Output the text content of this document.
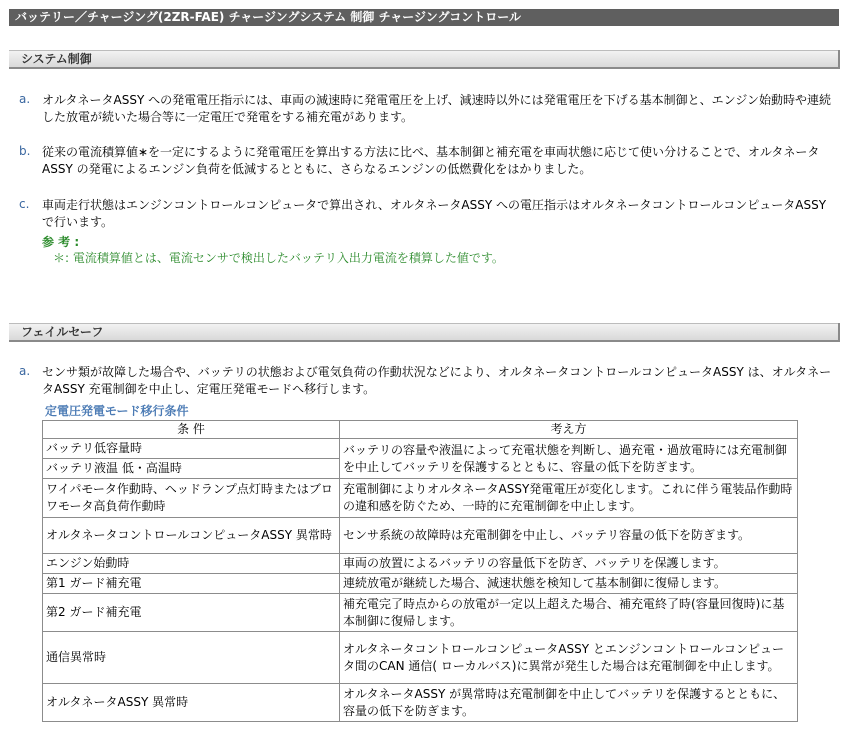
バッテリー／チャージング(2ZR-FAE) チャージングシステム 制御 チャージングコントロール
システム制御
a. オルタネータASSY への発電電圧指示には、車両の減速時に発電電圧を上げ、減速時以外には発電電圧を下げる基本制御と、エンジン始動時や連続した放電が続いた場合等に一定電圧で発電をする補充電があります。
b. 従来の電流積算値∗を一定にするように発電電圧を算出する方法に比べ、基本制御と補充電を車両状態に応じて使い分けることで、オルタネータASSY の発電によるエンジン負荷を低減するとともに、さらなるエンジンの低燃費化をはかりました。
c.	車両走行状態はエンジンコントロールコンピュータで算出され、オルタネータASSY への電圧指示はオルタネータコントロールコンピュータASSY で行います。
参 考 :
＊: 電流積算値とは、電流センサで検出したバッテリ入出力電流を積算した値です。
フェイルセーフ
a. センサ類が故障した場合や、バッテリの状態および電気負荷の作動状況などにより、オルタネータコントロールコンピュータASSY は、オルタネータASSY 充電制御を中止し、定電圧発電モードへ移行します。
定電圧発電モード移行条件
条 件	考え方
バッテリ低容量時	バッテリの容量や液温によって充電状態を判断し、過充電・過放電時には充電制御を中止してバッテリを保護するとともに、容量の低下を防ぎます。
バッテリ液温 低・高温時	
ワイパモータ作動時、ヘッドランプ点灯時またはブロワモータ高負荷作動時	充電制御によりオルタネータASSY発電電圧が変化します。これに伴う電装品作動時の違和感を防ぐため、一時的に充電制御を中止します。
オルタネータコントロールコンピュータASSY 異常時	センサ系統の故障時は充電制御を中止し、バッテリ容量の低下を防ぎます。
エンジン始動時	車両の放置によるバッテリの容量低下を防ぎ、バッテリを保護します。
第1 ガード補充電	連続放電が継続した場合、減速状態を検知して基本制御に復帰します。
第2 ガード補充電	補充電完了時点からの放電が一定以上超えた場合、補充電終了時(容量回復時)に基本制御に復帰します。
通信異常時	オルタネータコントロールコンピュータASSY とエンジンコントロールコンピュータ間のCAN 通信( ローカルバス)に異常が発生した場合は充電制御を中止します。
オルタネータASSY 異常時	オルタネータASSY が異常時は充電制御を中止してバッテリを保護するとともに、容量の低下を防ぎます。
